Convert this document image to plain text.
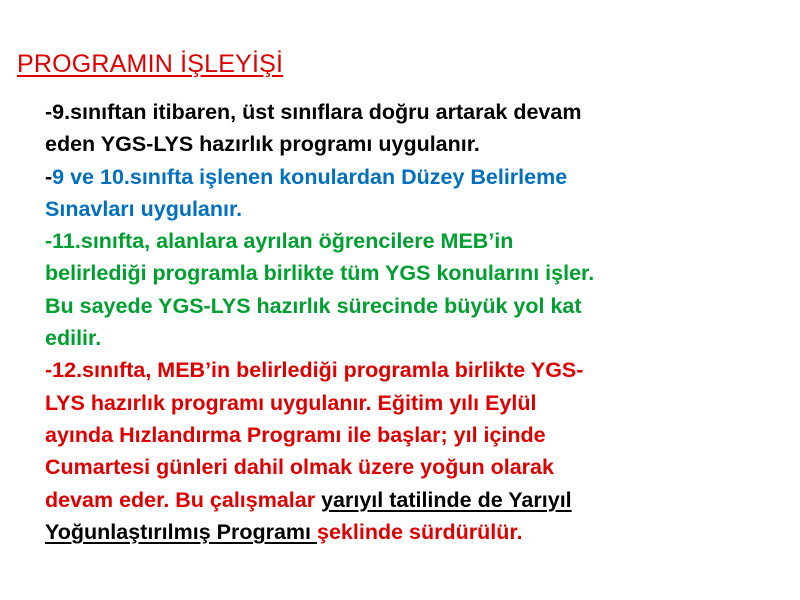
PROGRAMIN İŞLEYİŞİ

-9.sınıftan itibaren, üst sınıflara doğru artarak devam
eden YGS-LYS hazırlık programı uygulanır.

-9 ve 10.sınıfta işlenen konulardan Düzey Belirleme
Sınavları uygulanır.

-11.sınıfta, alanlara ayrılan öğrencilere MEB’in
belirlediği programla birlikte tüm YGS konularını işler.
Bu sayede YGS-LYS hazırlık sürecinde büyük yol kat
edilir.

-12.sınıfta, MEB’in belirlediği programla birlikte YGS-
LYS hazırlık programı uygulanır. Eğitim yılı Eylül
ayında Hızlandırma Programı ile başlar; yıl içinde
Cumartesi günleri dahil olmak üzere yoğun olarak
devam eder. Bu çalışmalar yarıyıl tatilinde de Yarıyıl
Yoğunlaştırılmış Programı şeklinde sürdürülür.
